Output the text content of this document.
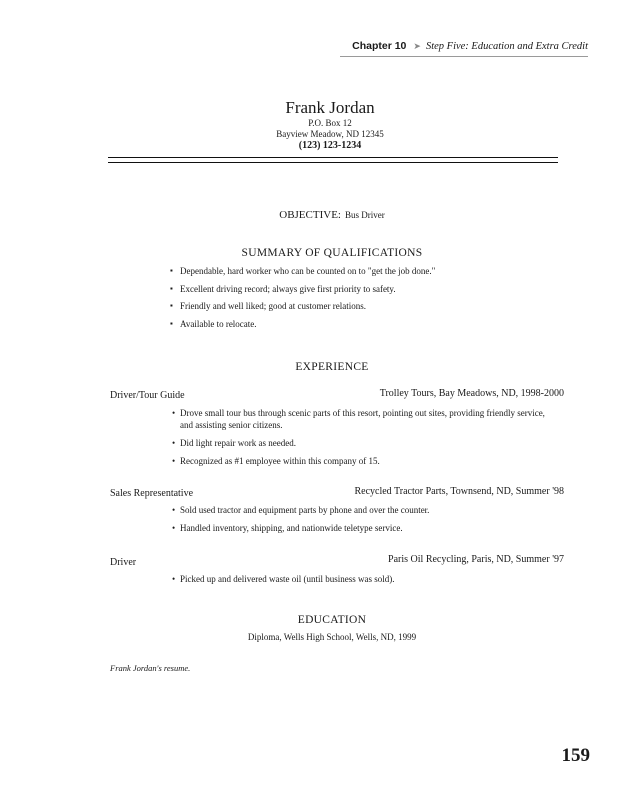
Chapter 10 ➤ Step Five: Education and Extra Credit
Frank Jordan
P.O. Box 12
Bayview Meadow, ND 12345
(123) 123-1234
OBJECTIVE: Bus Driver
SUMMARY OF QUALIFICATIONS
▪ Dependable, hard worker who can be counted on to "get the job done."
▪ Excellent driving record; always give first priority to safety.
▪ Friendly and well liked; good at customer relations.
▪ Available to relocate.
EXPERIENCE
Driver/Tour Guide	Trolley Tours, Bay Meadows, ND, 1998-2000
• Drove small tour bus through scenic parts of this resort, pointing out sites, providing friendly service, and assisting senior citizens.
• Did light repair work as needed.
• Recognized as #1 employee within this company of 15.
Sales Representative	Recycled Tractor Parts, Townsend, ND, Summer '98
• Sold used tractor and equipment parts by phone and over the counter.
• Handled inventory, shipping, and nationwide teletype service.
Driver	Paris Oil Recycling, Paris, ND, Summer '97
• Picked up and delivered waste oil (until business was sold).
EDUCATION
Diploma, Wells High School, Wells, ND, 1999
Frank Jordan's resume.
159
